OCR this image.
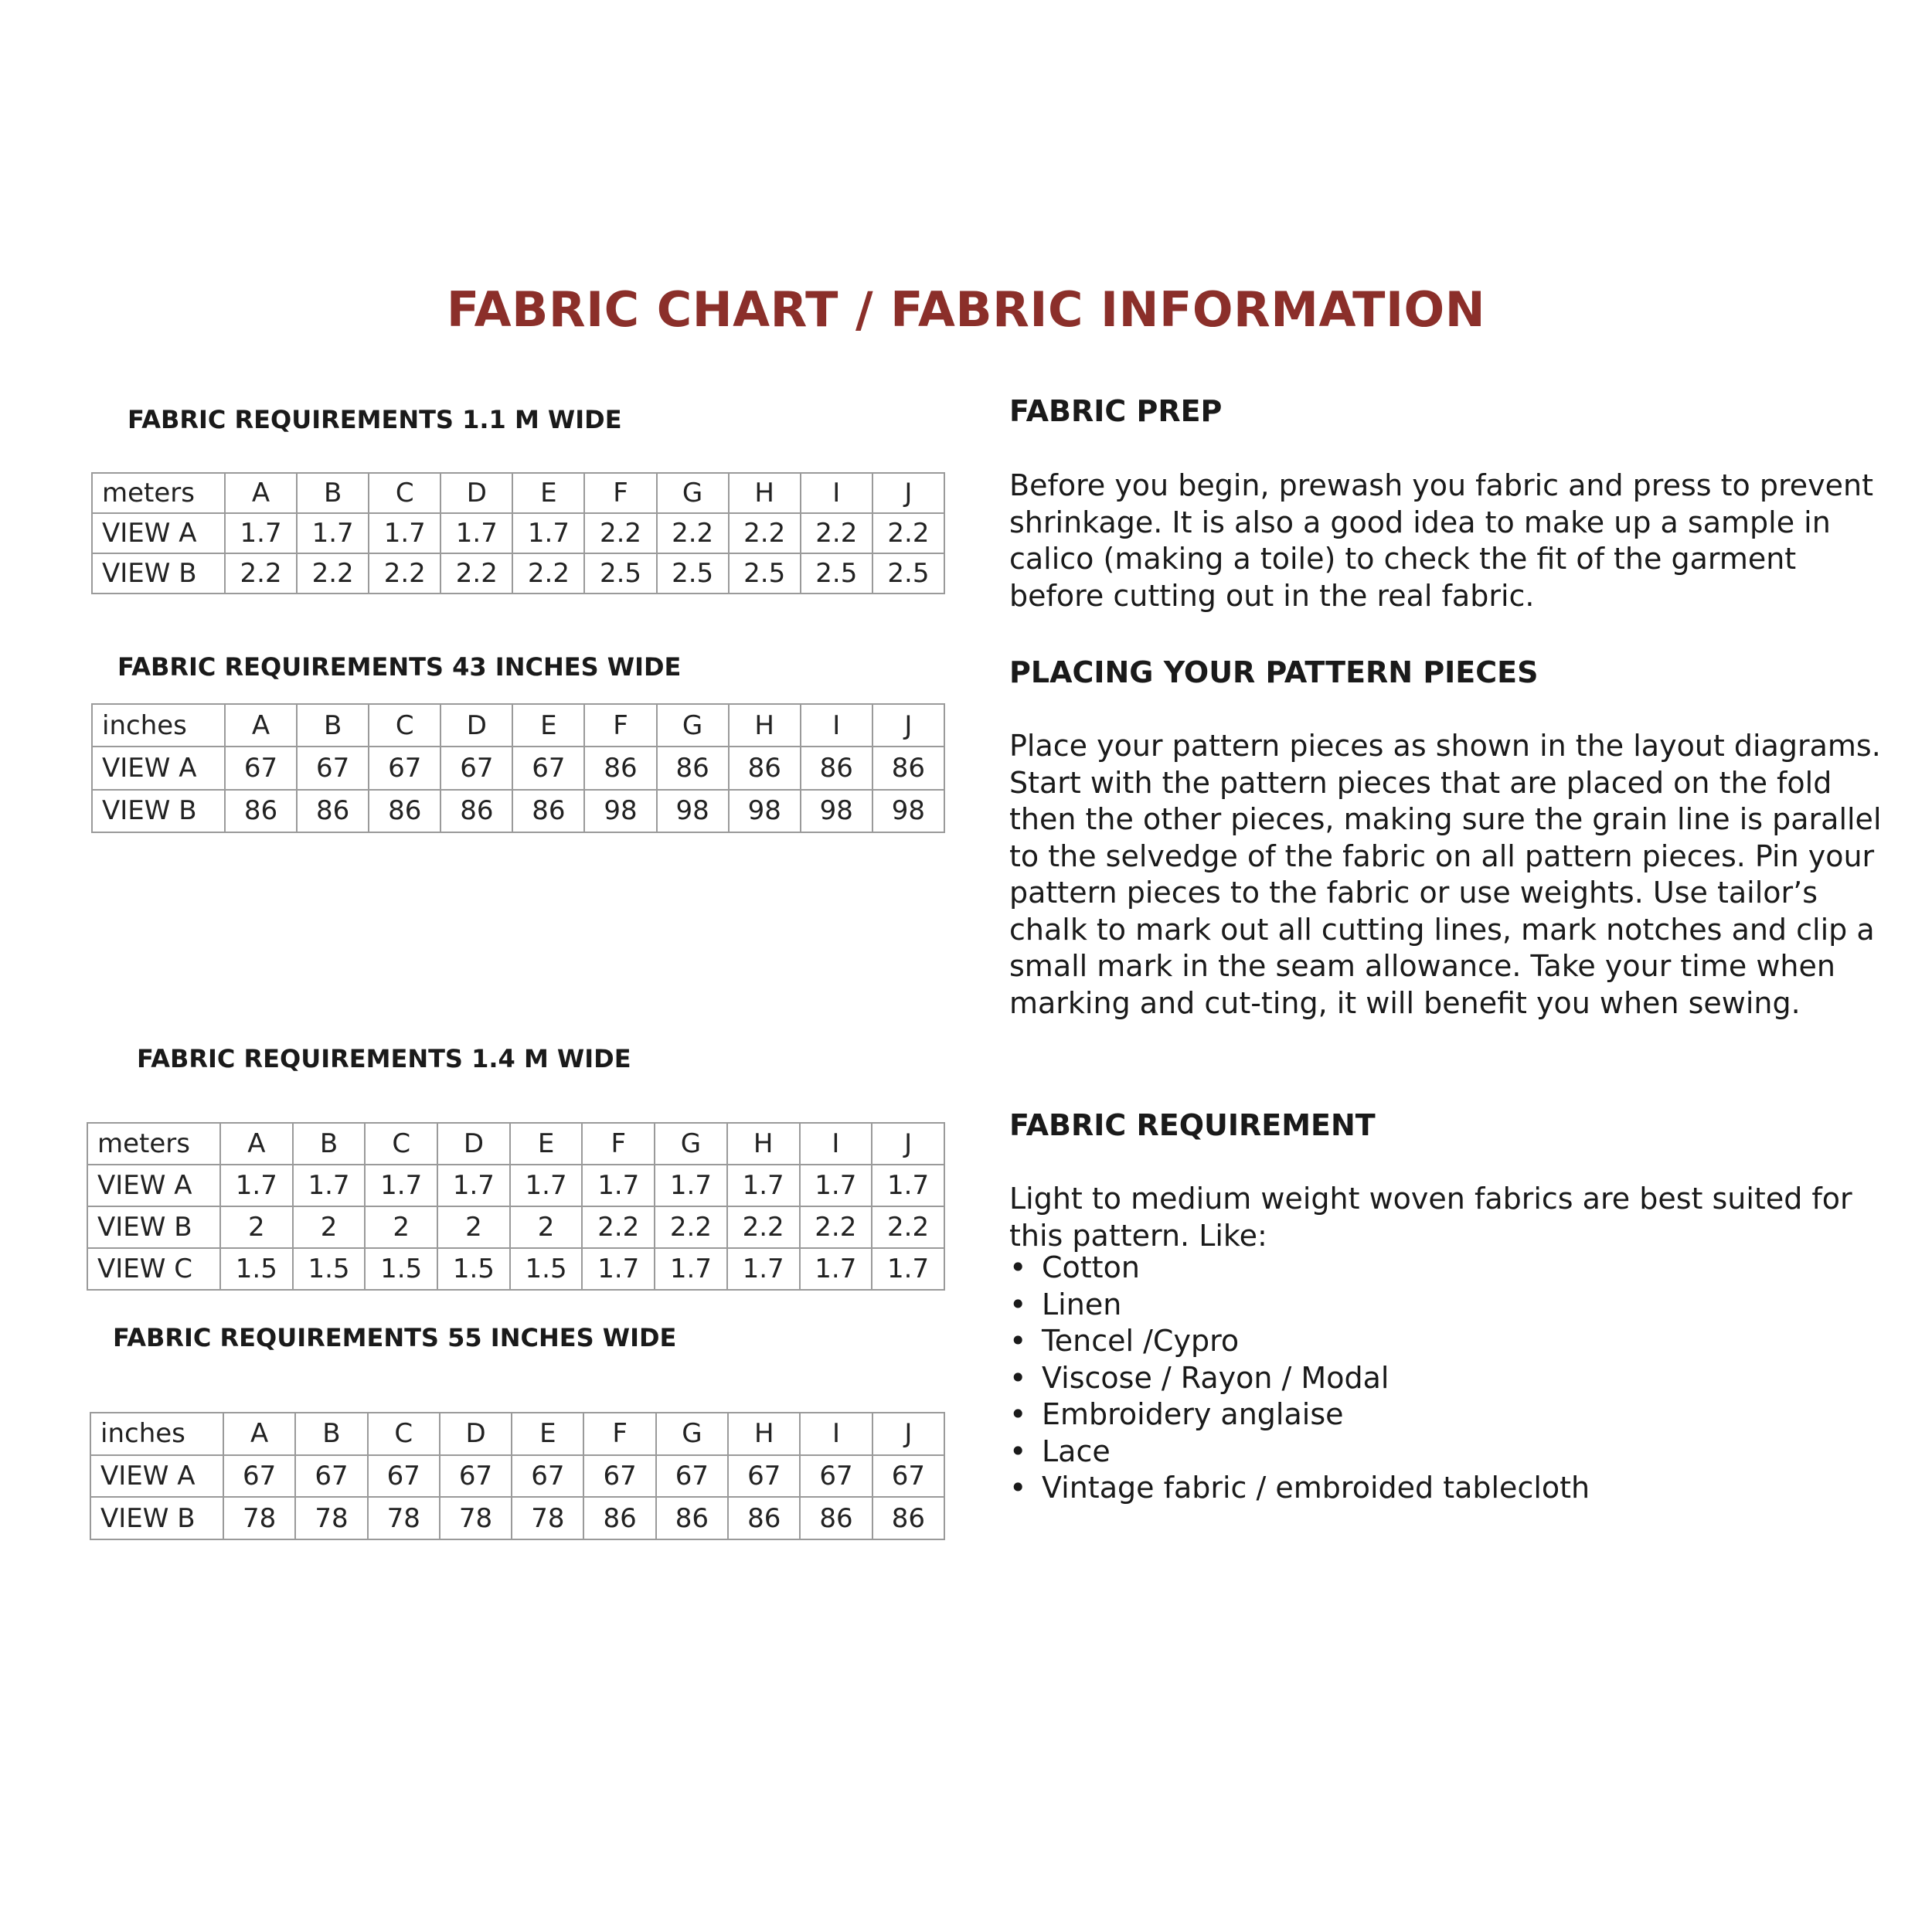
FABRIC CHART / FABRIC INFORMATION
FABRIC REQUIREMENTS 1.1 M WIDE
meters	A	B	C	D	E	F	G	H	I	J
VIEW A	1.7	1.7	1.7	1.7	1.7	2.2	2.2	2.2	2.2	2.2
VIEW B	2.2	2.2	2.2	2.2	2.2	2.5	2.5	2.5	2.5	2.5
FABRIC REQUIREMENTS 43 INCHES WIDE
inches	A	B	C	D	E	F	G	H	I	J
VIEW A	67	67	67	67	67	86	86	86	86	86
VIEW B	86	86	86	86	86	98	98	98	98	98
FABRIC REQUIREMENTS 1.4 M WIDE
meters	A	B	C	D	E	F	G	H	I	J
VIEW A	1.7	1.7	1.7	1.7	1.7	1.7	1.7	1.7	1.7	1.7
VIEW B	2	2	2	2	2	2.2	2.2	2.2	2.2	2.2
VIEW C	1.5	1.5	1.5	1.5	1.5	1.7	1.7	1.7	1.7	1.7
FABRIC REQUIREMENTS 55 INCHES WIDE
inches	A	B	C	D	E	F	G	H	I	J
VIEW A	67	67	67	67	67	67	67	67	67	67
VIEW B	78	78	78	78	78	86	86	86	86	86
FABRIC PREP

Before you begin, prewash you fabric and press to prevent shrinkage. It is also a good idea to make up a sample in calico (making a toile) to check the fit of the garment before cutting out in the real fabric.

PLACING YOUR PATTERN PIECES

Place your pattern pieces as shown in the layout diagrams. Start with the pattern pieces that are placed on the fold then the other pieces, making sure the grain line is parallel to the selvedge of the fabric on all pattern pieces. Pin your pattern pieces to the fabric or use weights. Use tailor’s chalk to mark out all cutting lines, mark notches and clip a small mark in the seam allowance. Take your time when marking and cut-ting, it will benefit you when sewing.

FABRIC REQUIREMENT

Light to medium weight woven fabrics are best suited for this pattern. Like:

• Cotton
• Linen
• Tencel /Cypro
• Viscose / Rayon / Modal
• Embroidery anglaise
• Lace
• Vintage fabric / embroided tablecloth
